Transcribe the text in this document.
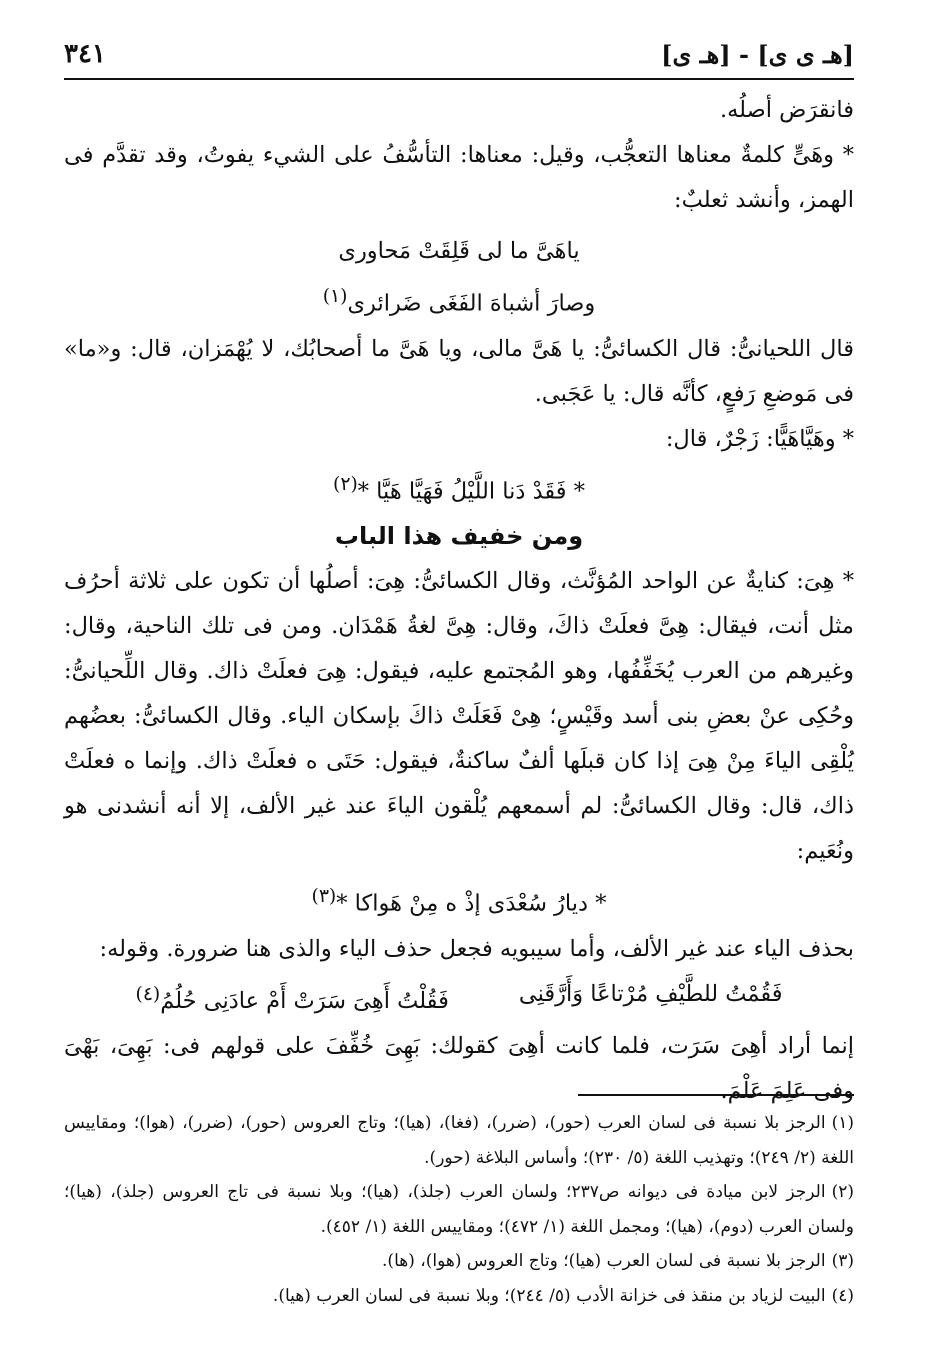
٣٤١	[هـ ى ى] - [هـ ى]

فانقرَض أصلُه.

* وهَىٍّ كلمةٌ معناها التعجُّب، وقيل: معناها: التأسُّفُ على الشيء يفوتُ، وقد تقدَّم فى الهمز، وأنشد ثعلبٌ:

ياهَىَّ ما لى قَلِقَتْ مَحاورى

وصارَ أشباهَ الفَغَى ضَرائرى$^{(١)}$

قال اللحيانىُّ: قال الكسائىُّ: يا هَىَّ مالى، ويا هَىَّ ما أصحابُك، لا يُهْمَزان، قال: و«ما» فى مَوضعِ رَفعٍ، كأنَّه قال: يا عَجَبى.

* وهَيَّاهَيًّا: زَجْرٌ، قال:

* فَقَدْ دَنا اللَّيْلُ فَهَيَّا هَيَّا *$^{(٢)}$

ومن خفيف هذا الباب

* هِىَ: كنايةٌ عن الواحد المُؤنَّث، وقال الكسائىُّ: هِىَ: أصلُها أن تكون على ثلاثة أحرُف مثل أنت، فيقال: هِىَّ فعلَتْ ذاكَ، وقال: هِىَّ لغةُ هَمْدَان. ومن فى تلك الناحية، وقال: وغيرهم من العرب يُخَفِّفُها، وهو المُجتمع عليه، فيقول: هِىَ فعلَتْ ذاك. وقال اللِّحيانىُّ: وحُكِى عنْ بعضِ بنى أسد وقَيْسٍ؛ هِىْ فَعَلَتْ ذاكَ بإسكان الياء. وقال الكسائىُّ: بعضُهم يُلْقِى الياءَ مِنْ هِىَ إذا كان قبلَها ألفٌ ساكنةٌ، فيقول: حَتَى ه فعلَتْ ذاك. وإنما ه فعلَتْ ذاك، قال: وقال الكسائىُّ: لم أسمعهم يُلْقون الياءَ عند غير الألف، إلا أنه أنشدنى هو ونُعَيم:

* ديارُ سُعْدَى إذْ ه مِنْ هَواكا *$^{(٣)}$

بحذف الياء عند غير الألف، وأما سيبويه فجعل حذف الياء والذى هنا ضرورة. وقوله:

فَقُمْتُ للطَّيْفِ مُرْتاعًا وَأَرَّقَنِى
فَقُلْتُ أَهِىَ سَرَتْ أَمْ عادَنِى حُلُمُ$^{(٤)}$

إنما أراد أهِىَ سَرَت، فلما كانت أهِىَ كقولك: بَهِىَ خُفِّفَ على قولهم فى: بَهِىَ، بَهْىَ وفى عَلِمَ عَلْمَ.

(١)الرجز بلا نسبة فى لسان العرب (حور)، (ضرر)، (فغا)، (هيا)؛ وتاج العروس (حور)، (ضرر)، (هوا)؛ ومقاييس اللغة (٢/ ٢٤٩)؛ وتهذيب اللغة (٥/ ٢٣٠)؛ وأساس البلاغة (حور).

(٢)الرجز لابن ميادة فى ديوانه ص٢٣٧؛ ولسان العرب (جلذ)، (هيا)؛ وبلا نسبة فى تاج العروس (جلذ)، (هيا)؛ ولسان العرب (دوم)، (هيا)؛ ومجمل اللغة (١/ ٤٧٢)؛ ومقاييس اللغة (١/ ٤٥٢).

(٣)الرجز بلا نسبة فى لسان العرب (هيا)؛ وتاج العروس (هوا)، (ها).

(٤)البيت لزياد بن منقذ فى خزانة الأدب (٥/ ٢٤٤)؛ وبلا نسبة فى لسان العرب (هيا).
